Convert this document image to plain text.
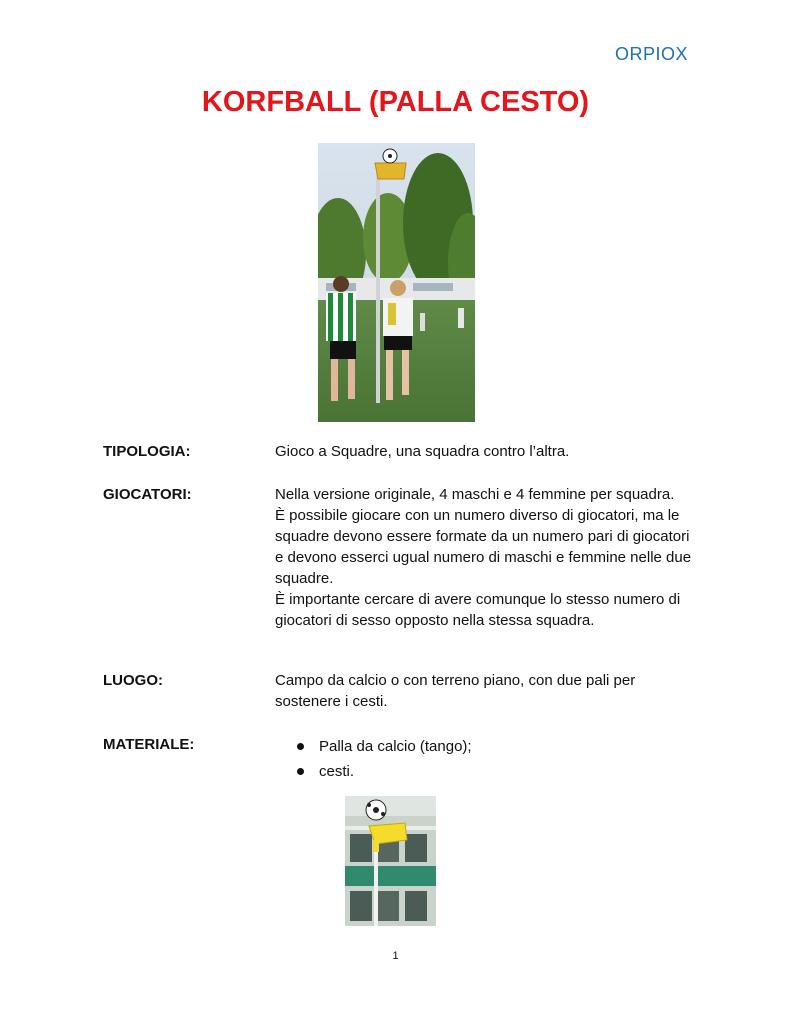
ORPIOX
KORFBALL (PALLA CESTO)
TIPOLOGIA:	Gioco a Squadre, una squadra contro l’altra.
GIOCATORI:	Nella versione originale, 4 maschi e 4 femmine per squadra.

È possibile giocare con un numero diverso di giocatori, ma le squadre devono essere formate da un numero pari di giocatori e devono esserci ugual numero di maschi e femmine nelle due squadre.

È importante cercare di avere comunque lo stesso numero di giocatori di sesso opposto nella stessa squadra.

LUOGO:	Campo da calcio o con terreno piano, con due pali per sostenere i cesti.
MATERIALE:	Palla da calcio (tango);
cesti.
1
